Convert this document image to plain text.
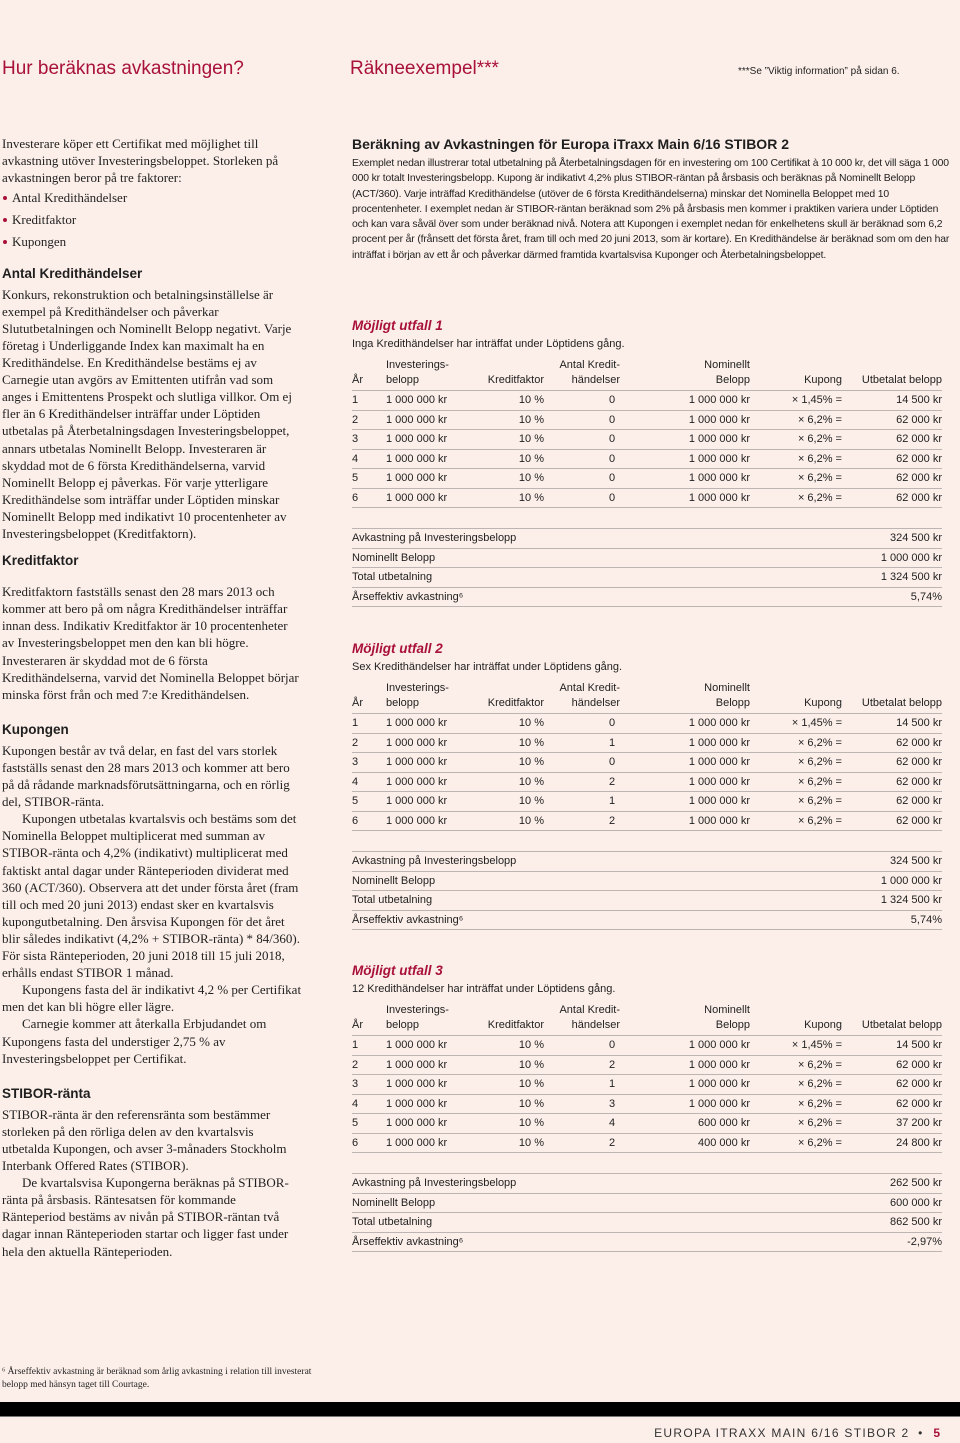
Hur beräknas avkastningen?	Räkneexempel***	***Se ”Viktig information” på sidan 6.

Investerare köper ett Certifikat med möjlighet till avkastning utöver Investeringsbeloppet. Storleken på avkastningen beror på tre faktorer:

Antal Kredithändelser

Kreditfaktor

Kupongen

Antal Kredithändelser

Konkurs, rekonstruktion och betalningsinställelse är exempel på Kredithändelser och påverkar Slututbetalningen och Nominellt Belopp negativt. Varje företag i Underliggande Index kan maximalt ha en Kredithändelse. En Kredithändelse bestäms ej av Carnegie utan avgörs av Emittenten utifrån vad som anges i Emittentens Prospekt och slutliga villkor. Om ej fler än 6 Kredithändelser inträffar under Löptiden utbetalas på Återbetalningsdagen Investeringsbeloppet, annars utbetalas Nominellt Belopp. Investeraren är skyddad mot de 6 första Kredithändelserna, varvid Nominellt Belopp ej påverkas. För varje ytterligare Kredithändelse som inträffar under Löptiden minskar Nominellt Belopp med indikativt 10 procentenheter av Investeringsbeloppet (Kreditfaktorn).

Kreditfaktor

Kreditfaktorn fastställs senast den 28 mars 2013 och kommer att bero på om några Kredithändelser inträffar innan dess. Indikativ Kreditfaktor är 10 procentenheter av Investeringsbeloppet men den kan bli högre. Investeraren är skyddad mot de 6 första Kredithändelserna, varvid det Nominella Beloppet börjar minska först från och med 7:e Kredithändelsen.

Kupongen

Kupongen består av två delar, en fast del vars storlek fastställs senast den 28 mars 2013 och kommer att bero på då rådande marknadsförutsättningarna, och en rörlig del, STIBOR-ränta.

Kupongen utbetalas kvartalsvis och bestäms som det Nominella Beloppet multiplicerat med summan av STIBOR-ränta och 4,2% (indikativt) multiplicerat med faktiskt antal dagar under Ränteperioden dividerat med 360 (ACT/360). Observera att det under första året (fram till och med 20 juni 2013) endast sker en kvartalsvis kupongutbetalning. Den årsvisa Kupongen för det året blir således indikativt (4,2% + STIBOR-ränta) * 84/360). För sista Ränteperioden, 20 juni 2018 till 15 juli 2018, erhålls endast STIBOR 1 månad.

Kupongens fasta del är indikativt 4,2 % per Certifikat men det kan bli högre eller lägre.

Carnegie kommer att återkalla Erbjudandet om Kupongens fasta del understiger 2,75 % av Investeringsbeloppet per Certifikat.

STIBOR-ränta

STIBOR-ränta är den referensränta som bestämmer storleken på den rörliga delen av den kvartalsvis utbetalda Kupongen, och avser 3-månaders Stockholm Interbank Offered Rates (STIBOR).

De kvartalsvisa Kupongerna beräknas på STIBOR-ränta på årsbasis. Räntesatsen för kommande Ränteperiod bestäms av nivån på STIBOR-räntan två dagar innan Ränteperioden startar och ligger fast under hela den aktuella Ränteperioden.

⁶ Årseffektiv avkastning är beräknad som årlig avkastning i relation till investerat belopp med hänsyn taget till Courtage.

Beräkning av Avkastningen för Europa iTraxx Main 6/16 STIBOR 2

Exemplet nedan illustrerar total utbetalning på Återbetalningsdagen för en investering om 100 Certifikat à 10 000 kr, det vill säga 1 000 000 kr totalt Investeringsbelopp. Kupong är indikativt 4,2% plus STIBOR-räntan på årsbasis och beräknas på Nominellt Belopp (ACT/360). Varje inträffad Kredithändelse (utöver de 6 första Kredithändelserna) minskar det Nominella Beloppet med 10 procentenheter. I exemplet nedan är STIBOR-räntan beräknad som 2% på årsbasis men kommer i praktiken variera under Löptiden och kan vara såväl över som under beräknad nivå. Notera att Kupongen i exemplet nedan för enkelhetens skull är beräknad som 6,2 procent per år (frånsett det första året, fram till och med 20 juni 2013, som är kortare). En Kredithändelse är beräknad som om den har inträffat i början av ett år och påverkar därmed framtida kvartalsvisa Kuponger och Återbetalningsbeloppet.

Möjligt utfall 1
Inga Kredithändelser har inträffat under Löptidens gång.
År	Investerings-
belopp	Kreditfaktor	Antal Kredit-
händelser	Nominellt
Belopp	Kupong	Utbetalat belopp
1	1 000 000 kr	10 %	0	1 000 000 kr	× 1,45% =	14 500 kr
2	1 000 000 kr	10 %	0	1 000 000 kr	× 6,2% =	62 000 kr
3	1 000 000 kr	10 %	0	1 000 000 kr	× 6,2% =	62 000 kr
4	1 000 000 kr	10 %	0	1 000 000 kr	× 6,2% =	62 000 kr
5	1 000 000 kr	10 %	0	1 000 000 kr	× 6,2% =	62 000 kr
6	1 000 000 kr	10 %	0	1 000 000 kr	× 6,2% =	62 000 kr
Avkastning på Investeringsbelopp	324 500 kr
Nominellt Belopp	1 000 000 kr
Total utbetalning	1 324 500 kr
Årseffektiv avkastning⁶	5,74%
Möjligt utfall 2
Sex Kredithändelser har inträffat under Löptidens gång.
År	Investerings-
belopp	Kreditfaktor	Antal Kredit-
händelser	Nominellt
Belopp	Kupong	Utbetalat belopp
1	1 000 000 kr	10 %	0	1 000 000 kr	× 1,45% =	14 500 kr
2	1 000 000 kr	10 %	1	1 000 000 kr	× 6,2% =	62 000 kr
3	1 000 000 kr	10 %	0	1 000 000 kr	× 6,2% =	62 000 kr
4	1 000 000 kr	10 %	2	1 000 000 kr	× 6,2% =	62 000 kr
5	1 000 000 kr	10 %	1	1 000 000 kr	× 6,2% =	62 000 kr
6	1 000 000 kr	10 %	2	1 000 000 kr	× 6,2% =	62 000 kr
Avkastning på Investeringsbelopp	324 500 kr
Nominellt Belopp	1 000 000 kr
Total utbetalning	1 324 500 kr
Årseffektiv avkastning⁶	5,74%
Möjligt utfall 3
12 Kredithändelser har inträffat under Löptidens gång.
År	Investerings-
belopp	Kreditfaktor	Antal Kredit-
händelser	Nominellt
Belopp	Kupong	Utbetalat belopp
1	1 000 000 kr	10 %	0	1 000 000 kr	× 1,45% =	14 500 kr
2	1 000 000 kr	10 %	2	1 000 000 kr	× 6,2% =	62 000 kr
3	1 000 000 kr	10 %	1	1 000 000 kr	× 6,2% =	62 000 kr
4	1 000 000 kr	10 %	3	1 000 000 kr	× 6,2% =	62 000 kr
5	1 000 000 kr	10 %	4	600 000 kr	× 6,2% =	37 200 kr
6	1 000 000 kr	10 %	2	400 000 kr	× 6,2% =	24 800 kr
Avkastning på Investeringsbelopp	262 500 kr
Nominellt Belopp	600 000 kr
Total utbetalning	862 500 kr
Årseffektiv avkastning⁶	-2,97%
EUROPA ITRAXX MAIN 6/16 STIBOR 2 • 5
